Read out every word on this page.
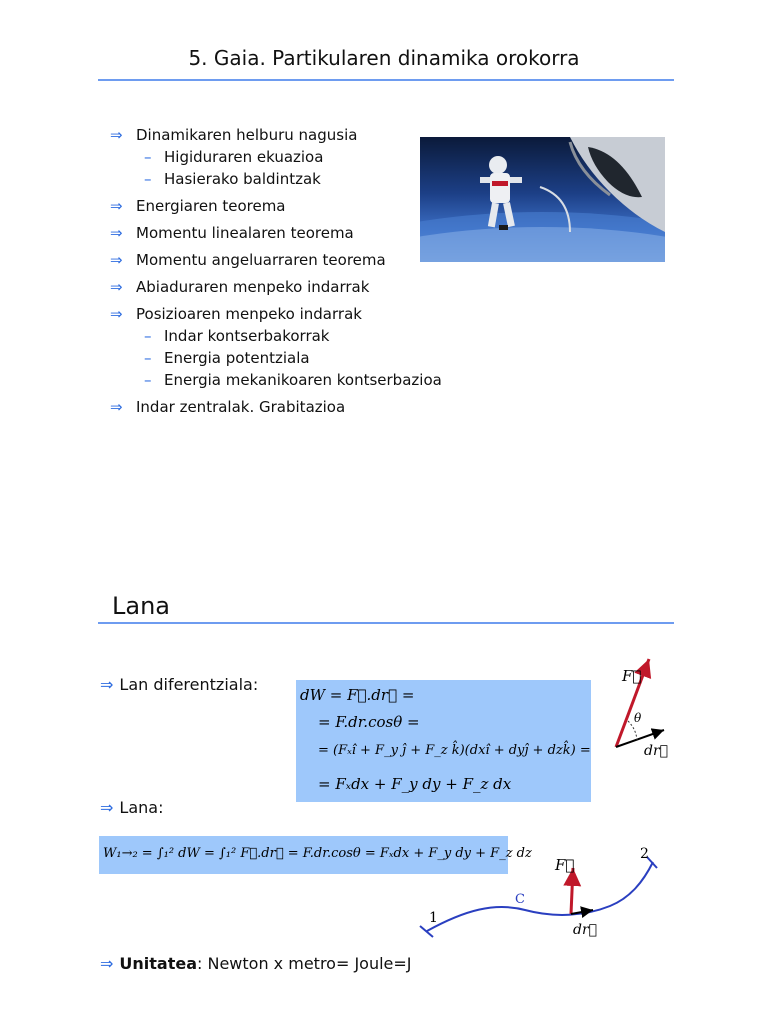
5. Gaia. Partikularen dinamika orokorra
⇒ Dinamikaren helburu nagusia
– Higiduraren ekuazioa
– Hasierako baldintzak
⇒ Energiaren teorema
⇒ Momentu linealaren teorema
⇒ Momentu angeluarraren teorema
⇒ Abiaduraren menpeko indarrak
⇒ Posizioaren menpeko indarrak
– Indar kontserbakorrak
– Energia potentziala
– Energia mekanikoaren kontserbazioa
⇒ Indar zentralak. Grabitazioa
Lana
⇒ Lan diferentziala:
dW = F⃗.dr⃗ =
= F.dr.cosθ =
= (Fₓî + F_y ĵ + F_z k̂)(dxî + dyĵ + dzk̂) =
= Fₓdx + F_y dy + F_z dx
F⃗
θ
dr⃗
⇒ Lana:
W₁→₂ = ∫₁² dW = ∫₁² F⃗.dr⃗ = F.dr.cosθ = Fₓdx + F_y dy + F_z dz
1
2
C
F⃗
dr⃗
⇒ Unitatea: Newton x metro= Joule=J
